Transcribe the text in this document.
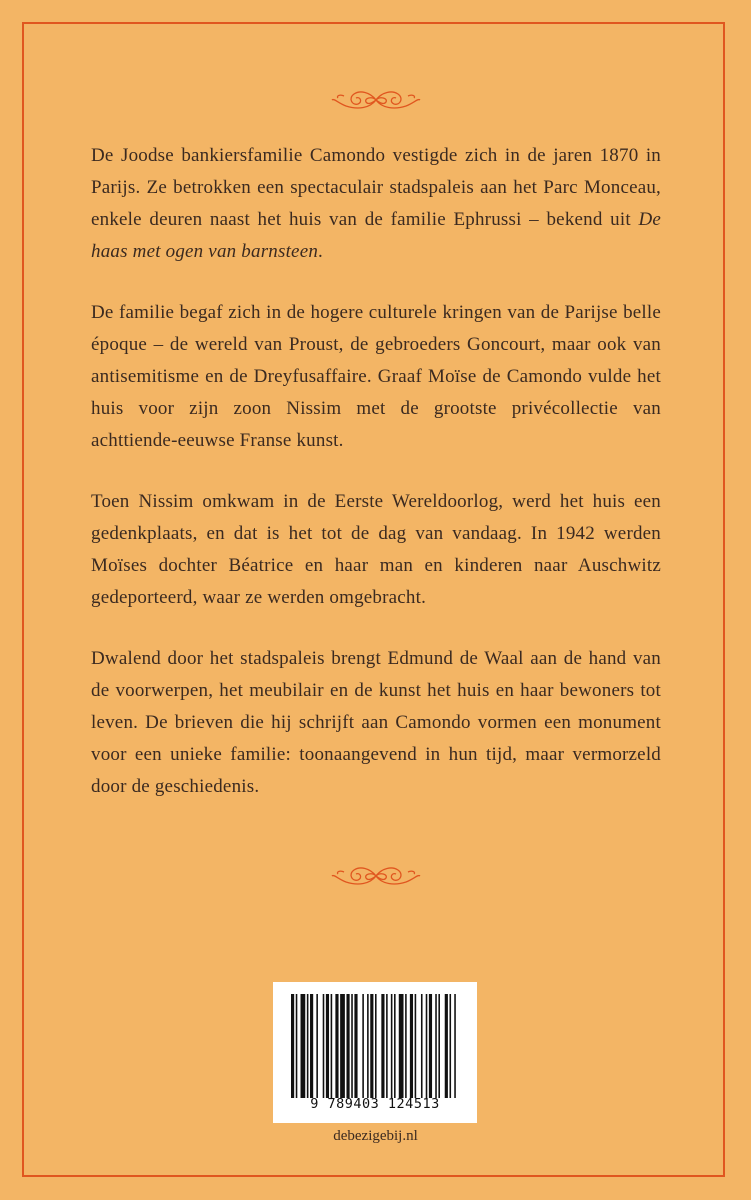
De Joodse bankiersfamilie Camondo vestigde zich in de jaren 1870 in Parijs. Ze betrokken een spectaculair stadspaleis aan het Parc Monceau, enkele deuren naast het huis van de familie Ephrussi – bekend uit De haas met ogen van barnsteen.

De familie begaf zich in de hogere culturele kringen van de Parijse belle époque – de wereld van Proust, de gebroeders Goncourt, maar ook van antisemitisme en de Dreyfusaffaire. Graaf Moïse de Camondo vulde het huis voor zijn zoon Nissim met de grootste privécollectie van achttiende-eeuwse Franse kunst.

Toen Nissim omkwam in de Eerste Wereldoorlog, werd het huis een gedenkplaats, en dat is het tot de dag van vandaag. In 1942 werden Moïses dochter Béatrice en haar man en kinderen naar Auschwitz gedeporteerd, waar ze werden omgebracht.

Dwalend door het stadspaleis brengt Edmund de Waal aan de hand van de voorwerpen, het meubilair en de kunst het huis en haar bewoners tot leven. De brieven die hij schrijft aan Camondo vormen een monument voor een unieke familie: toonaangevend in hun tijd, maar vermorzeld door de geschiedenis.

9 789403 124513
debezigebij.nl
